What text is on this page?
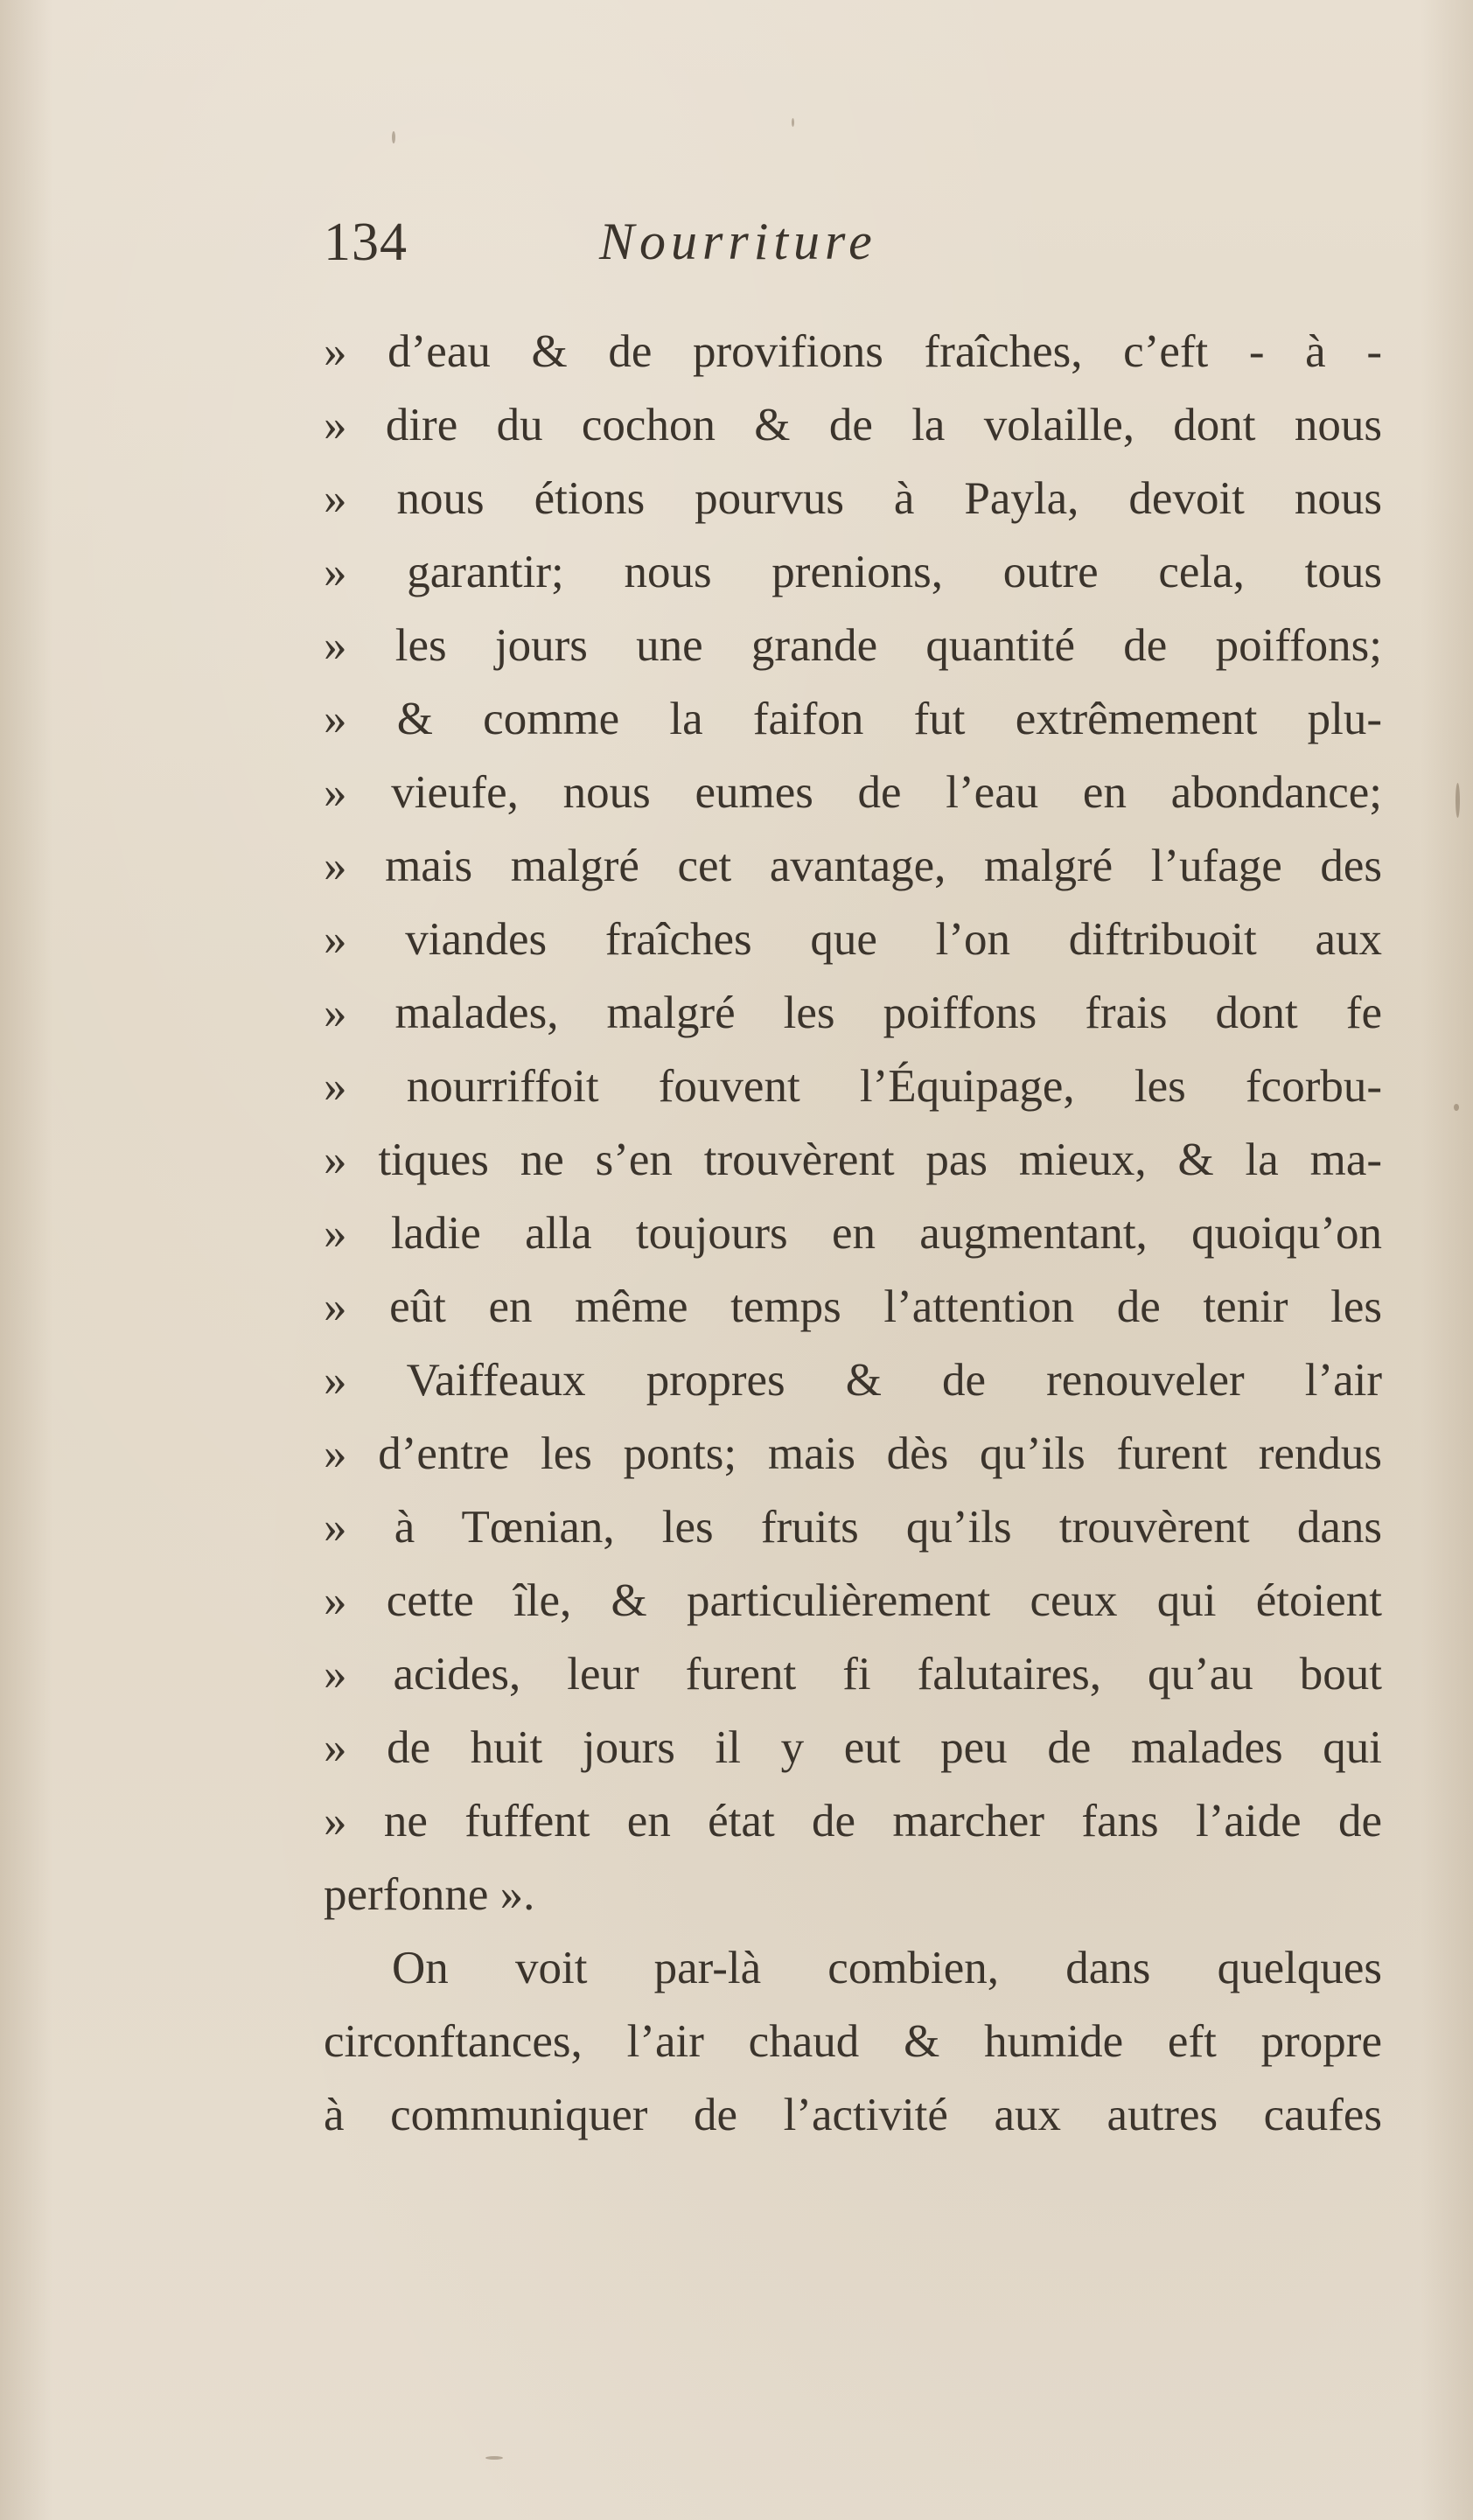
134	Nourriture
» d’eau & de provifions fraîches, c’eft - à -
» dire du cochon & de la volaille, dont nous
» nous étions pourvus à Payla, devoit nous
» garantir; nous prenions, outre cela, tous
» les jours une grande quantité de poiffons;
» & comme la faifon fut extrêmement plu-
» vieufe, nous eumes de l’eau en abondance;
» mais malgré cet avantage, malgré l’ufage des
» viandes fraîches que l’on diftribuoit aux
» malades, malgré les poiffons frais dont fe
» nourriffoit fouvent l’Équipage, les fcorbu-
» tiques ne s’en trouvèrent pas mieux, & la ma-
» ladie alla toujours en augmentant, quoiqu’on
» eût en même temps l’attention de tenir les
» Vaiffeaux propres & de renouveler l’air
» d’entre les ponts; mais dès qu’ils furent rendus
» à Tœnian, les fruits qu’ils trouvèrent dans
» cette île, & particulièrement ceux qui étoient
» acides, leur furent fi falutaires, qu’au bout
» de huit jours il y eut peu de malades qui
» ne fuffent en état de marcher fans l’aide de
perfonne ».
On voit par-là combien, dans quelques
circonftances, l’air chaud & humide eft propre
à communiquer de l’activité aux autres caufes
